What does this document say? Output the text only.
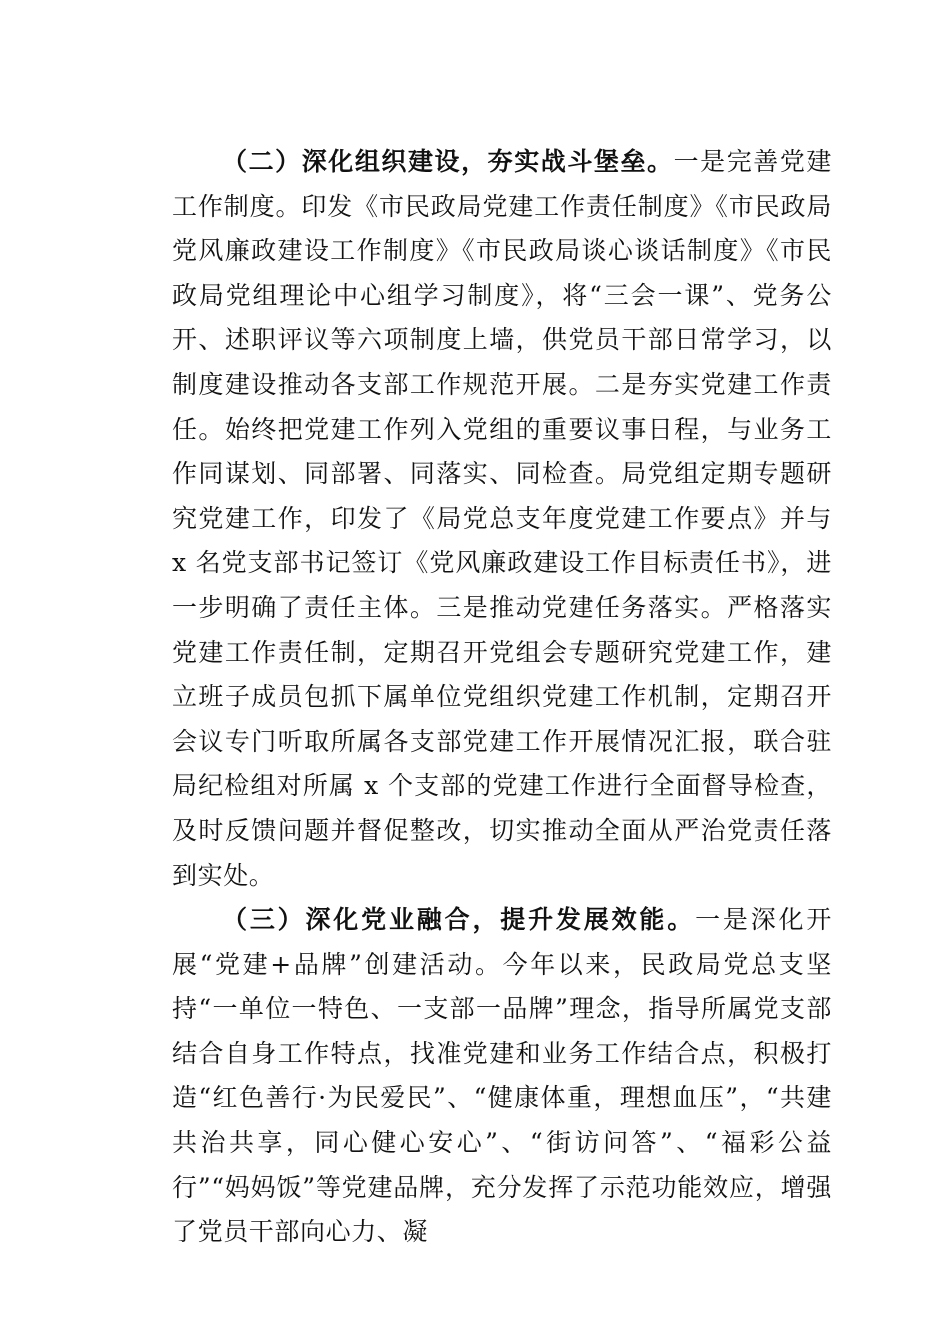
（二）深化组织建设，夯实战斗堡垒。一是完善党建工作制度。印发《市民政局党建工作责任制度》《市民政局党风廉政建设工作制度》《市民政局谈心谈话制度》《市民政局党组理论中心组学习制度》，将“三会一课”、党务公开、述职评议等六项制度上墙，供党员干部日常学习，以制度建设推动各支部工作规范开展。二是夯实党建工作责任。始终把党建工作列入党组的重要议事日程，与业务工作同谋划、同部署、同落实、同检查。局党组定期专题研究党建工作，印发了《局党总支年度党建工作要点》并与 x 名党支部书记签订《党风廉政建设工作目标责任书》，进一步明确了责任主体。三是推动党建任务落实。严格落实党建工作责任制，定期召开党组会专题研究党建工作，建立班子成员包抓下属单位党组织党建工作机制，定期召开会议专门听取所属各支部党建工作开展情况汇报，联合驻局纪检组对所属 x 个支部的党建工作进行全面督导检查，及时反馈问题并督促整改，切实推动全面从严治党责任落到实处。

（三）深化党业融合，提升发展效能。一是深化开展“党建+品牌”创建活动。今年以来，民政局党总支坚持“一单位一特色、一支部一品牌”理念，指导所属党支部结合自身工作特点，找准党建和业务工作结合点，积极打造“红色善行·为民爱民”、“健康体重，理想血压”，“共建共治共享，同心健心安心”、“街访问答”、“福彩公益行”“妈妈饭”等党建品牌，充分发挥了示范功能效应，增强了党员干部向心力、凝
